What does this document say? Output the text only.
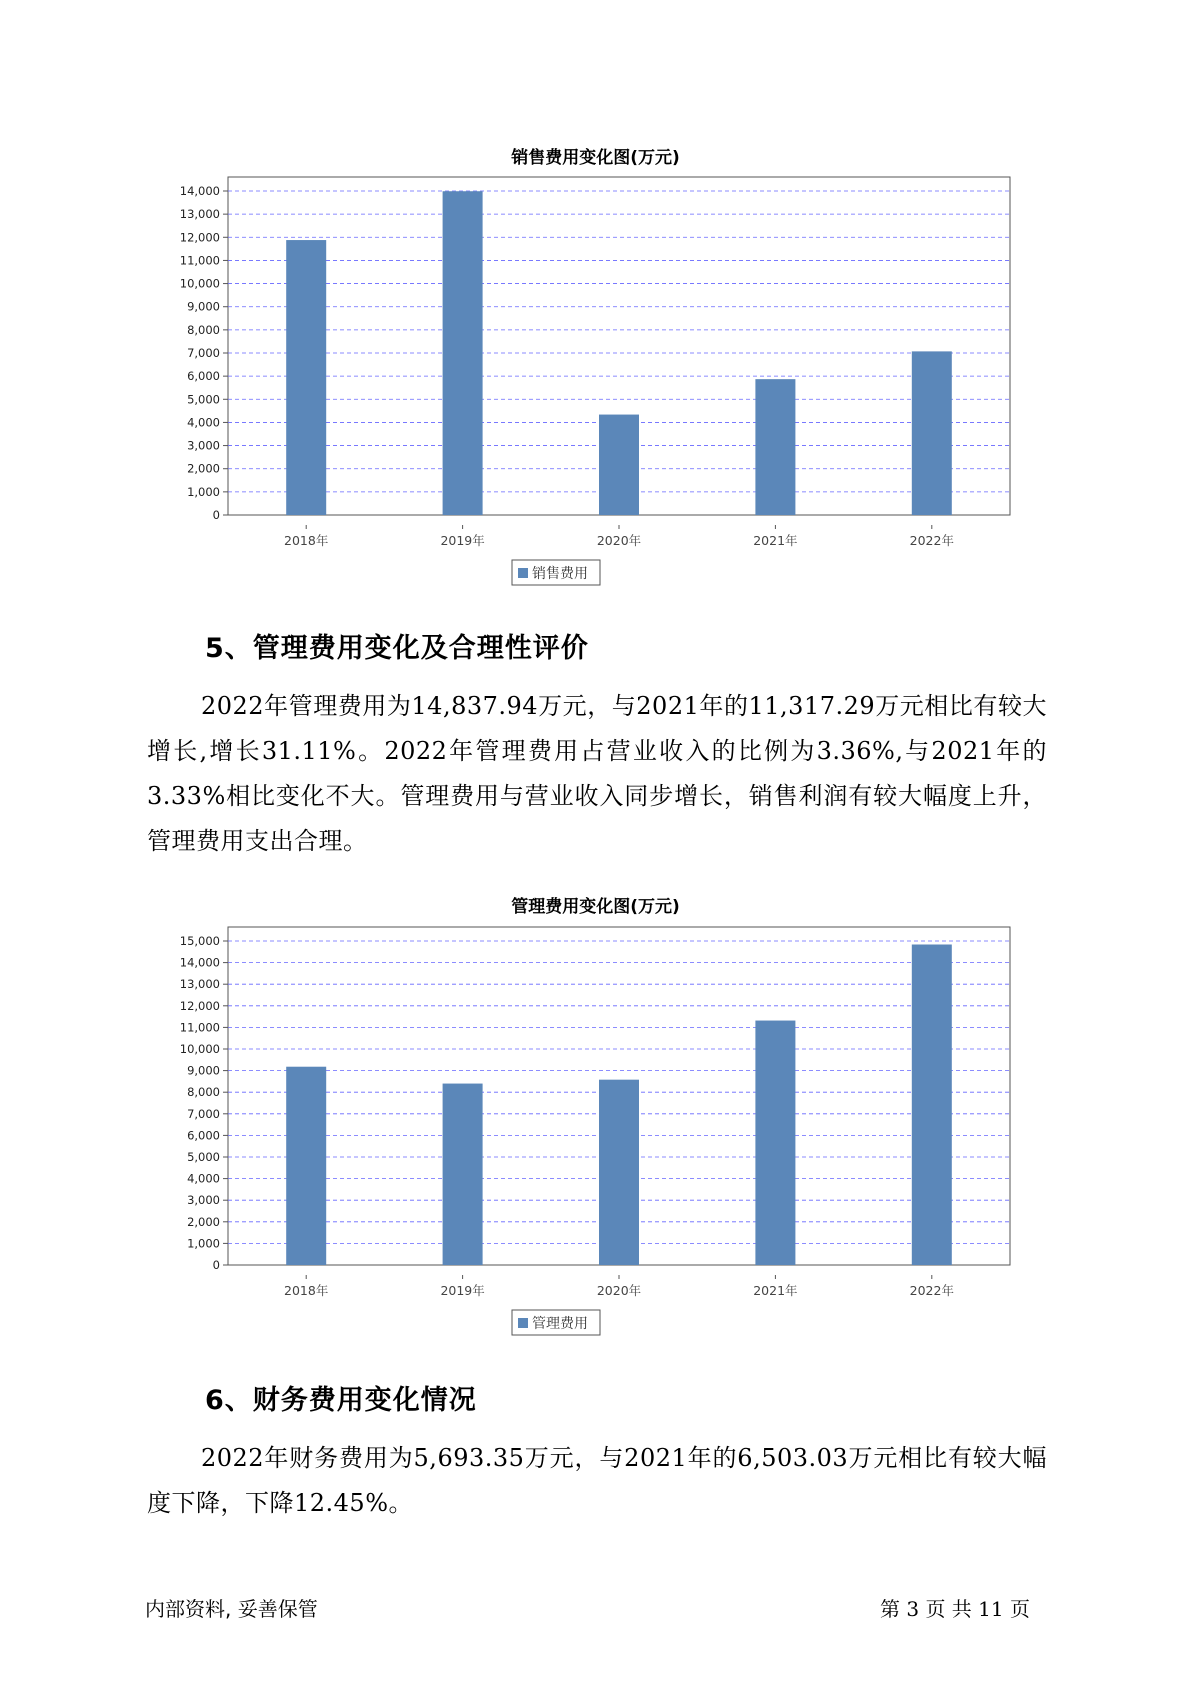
销售费用变化图(万元)
0
1,000
2,000
3,000
4,000
5,000
6,000
7,000
8,000
9,000
10,000
11,000
12,000
13,000
14,000
2018年	2019年	2020年	2021年	2022年
销售费用
5、管理费用变化及合理性评价
2022年管理费用为14,837.94万元，与2021年的11,317.29万元相比有较大增长,增长31.11%。2022年管理费用占营业收入的比例为3.36%,与2021年的3.33%相比变化不大。管理费用与营业收入同步增长，销售利润有较大幅度上升，管理费用支出合理。
管理费用变化图(万元)
0
1,000
2,000
3,000
4,000
5,000
6,000
7,000
8,000
9,000
10,000
11,000
12,000
13,000
14,000
15,000
2018年	2019年	2020年	2021年	2022年
管理费用
6、财务费用变化情况
2022年财务费用为5,693.35万元，与2021年的6,503.03万元相比有较大幅度下降，下降12.45%。
内部资料, 妥善保管	第 3 页 共 11 页
